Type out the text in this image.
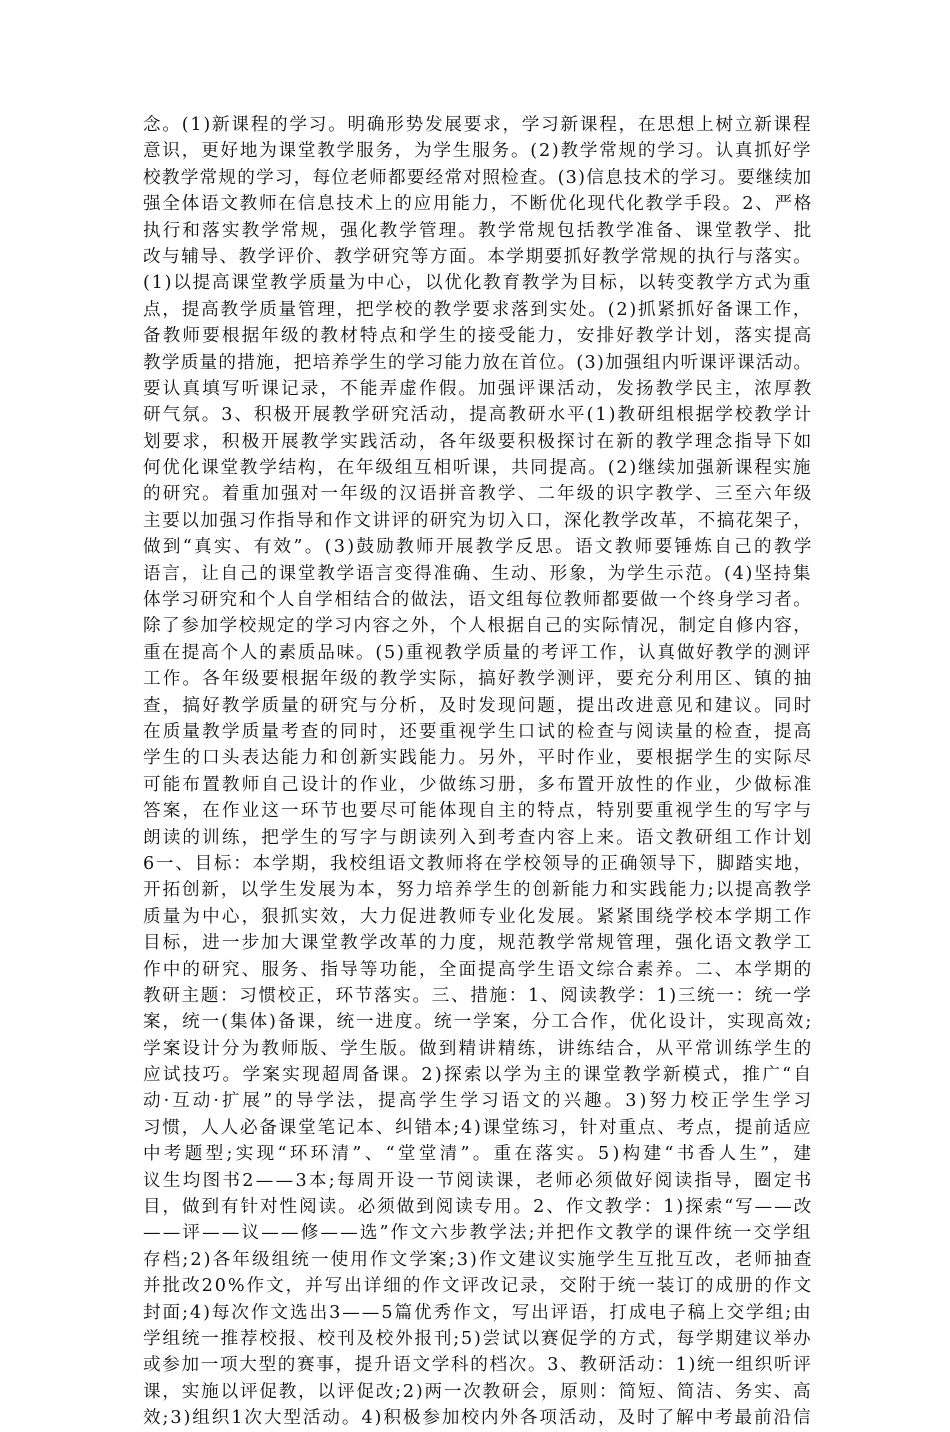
念。(1)新课程的学习。明确形势发展要求，学习新课程，在思想上树立新课程
意识，更好地为课堂教学服务，为学生服务。(2)教学常规的学习。认真抓好学
校教学常规的学习，每位老师都要经常对照检查。(3)信息技术的学习。要继续加
强全体语文教师在信息技术上的应用能力，不断优化现代化教学手段。2、严格
执行和落实教学常规，强化教学管理。教学常规包括教学准备、课堂教学、批
改与辅导、教学评价、教学研究等方面。本学期要抓好教学常规的执行与落实。
(1)以提高课堂教学质量为中心，以优化教育教学为目标，以转变教学方式为重
点，提高教学质量管理，把学校的教学要求落到实处。(2)抓紧抓好备课工作，
备教师要根据年级的教材特点和学生的接受能力，安排好教学计划，落实提高
教学质量的措施，把培养学生的学习能力放在首位。(3)加强组内听课评课活动。
要认真填写听课记录，不能弄虚作假。加强评课活动，发扬教学民主，浓厚教
研气氛。3、积极开展教学研究活动，提高教研水平(1)教研组根据学校教学计
划要求，积极开展教学实践活动，各年级要积极探讨在新的教学理念指导下如
何优化课堂教学结构，在年级组互相听课，共同提高。(2)继续加强新课程实施
的研究。着重加强对一年级的汉语拼音教学、二年级的识字教学、三至六年级
主要以加强习作指导和作文讲评的研究为切入口，深化教学改革，不搞花架子，
做到“真实、有效”。(3)鼓励教师开展教学反思。语文教师要锤炼自己的教学
语言，让自己的课堂教学语言变得准确、生动、形象，为学生示范。(4)坚持集
体学习研究和个人自学相结合的做法，语文组每位教师都要做一个终身学习者。
除了参加学校规定的学习内容之外，个人根据自己的实际情况，制定自修内容，
重在提高个人的素质品味。(5)重视教学质量的考评工作，认真做好教学的测评
工作。各年级要根据年级的教学实际，搞好教学测评，要充分利用区、镇的抽
查，搞好教学质量的研究与分析，及时发现问题，提出改进意见和建议。同时
在质量教学质量考查的同时，还要重视学生口试的检查与阅读量的检查，提高
学生的口头表达能力和创新实践能力。另外，平时作业，要根据学生的实际尽
可能布置教师自己设计的作业，少做练习册，多布置开放性的作业，少做标准
答案，在作业这一环节也要尽可能体现自主的特点，特别要重视学生的写字与
朗读的训练，把学生的写字与朗读列入到考查内容上来。语文教研组工作计划
6一、目标：本学期，我校组语文教师将在学校领导的正确领导下，脚踏实地，
开拓创新，以学生发展为本，努力培养学生的创新能力和实践能力;以提高教学
质量为中心，狠抓实效，大力促进教师专业化发展。紧紧围绕学校本学期工作
目标，进一步加大课堂教学改革的力度，规范教学常规管理，强化语文教学工
作中的研究、服务、指导等功能，全面提高学生语文综合素养。二、本学期的
教研主题：习惯校正，环节落实。三、措施：1、阅读教学：1)三统一：统一学
案，统一(集体)备课，统一进度。统一学案，分工合作，优化设计，实现高效;
学案设计分为教师版、学生版。做到精讲精练，讲练结合，从平常训练学生的
应试技巧。学案实现超周备课。2)探索以学为主的课堂教学新模式，推广“自
动·互动·扩展”的导学法，提高学生学习语文的兴趣。3)努力校正学生学习
习惯，人人必备课堂笔记本、纠错本;4)课堂练习，针对重点、考点，提前适应
中考题型;实现“环环清”、“堂堂清”。重在落实。5)构建“书香人生”，建
议生均图书2——3本;每周开设一节阅读课，老师必须做好阅读指导，圈定书
目，做到有针对性阅读。必须做到阅读专用。2、作文教学：1)探索“写——改
——评——议——修——选”作文六步教学法;并把作文教学的课件统一交学组
存档;2)各年级组统一使用作文学案;3)作文建议实施学生互批互改，老师抽查
并批改20%作文，并写出详细的作文评改记录，交附于统一装订的成册的作文
封面;4)每次作文选出3——5篇优秀作文，写出评语，打成电子稿上交学组;由
学组统一推荐校报、校刊及校外报刊;5)尝试以赛促学的方式，每学期建议举办
或参加一项大型的赛事，提升语文学科的档次。3、教研活动：1)统一组织听评
课，实施以评促教，以评促改;2)两一次教研会，原则：简短、简洁、务实、高
效;3)组织1次大型活动。4)积极参加校内外各项活动，及时了解中考最前沿信
